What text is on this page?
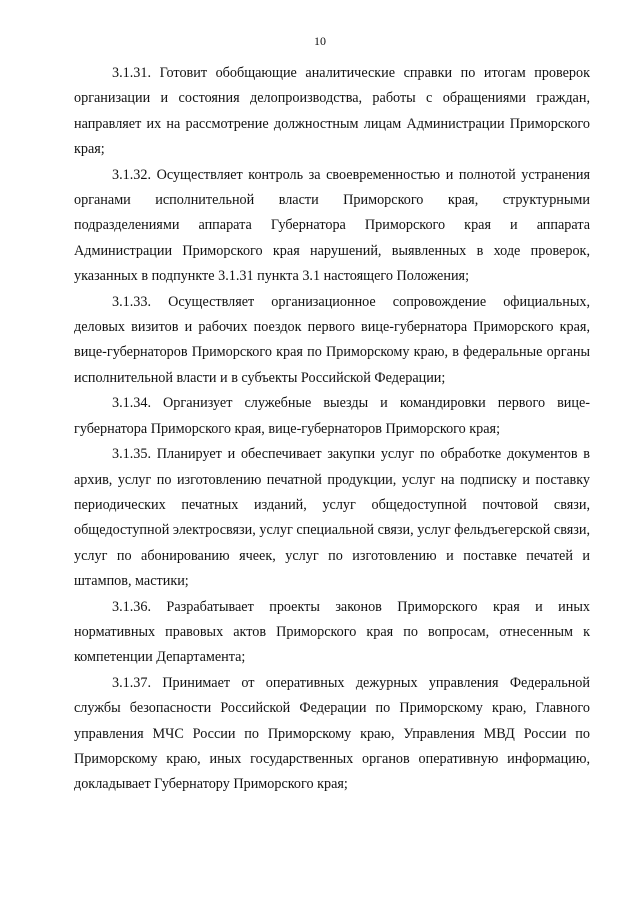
10

3.1.31. Готовит обобщающие аналитические справки по итогам проверок организации и состояния делопроизводства, работы с обращениями граждан, направляет их на рассмотрение должностным лицам Администрации Приморского края;

3.1.32. Осуществляет контроль за своевременностью и полнотой устранения органами исполнительной власти Приморского края, структурными подразделениями аппарата Губернатора Приморского края и аппарата Администрации Приморского края нарушений, выявленных в ходе проверок, указанных в подпункте 3.1.31 пункта 3.1 настоящего Положения;

3.1.33. Осуществляет организационное сопровождение официальных, деловых визитов и рабочих поездок первого вице-губернатора Приморского края, вице-губернаторов Приморского края по Приморскому краю, в федеральные органы исполнительной власти и в субъекты Российской Федерации;

3.1.34. Организует служебные выезды и командировки первого вице-губернатора Приморского края, вице-губернаторов Приморского края;

3.1.35. Планирует и обеспечивает закупки услуг по обработке документов в архив, услуг по изготовлению печатной продукции, услуг на подписку и поставку периодических печатных изданий, услуг общедоступной почтовой связи, общедоступной электросвязи, услуг специальной связи, услуг фельдъегерской связи, услуг по абонированию ячеек, услуг по изготовлению и поставке печатей и штампов, мастики;

3.1.36. Разрабатывает проекты законов Приморского края и иных нормативных правовых актов Приморского края по вопросам, отнесенным к компетенции Департамента;

3.1.37. Принимает от оперативных дежурных управления Федеральной службы безопасности Российской Федерации по Приморскому краю, Главного управления МЧС России по Приморскому краю, Управления МВД России по Приморскому краю, иных государственных органов оперативную информацию, докладывает Губернатору Приморского края;
